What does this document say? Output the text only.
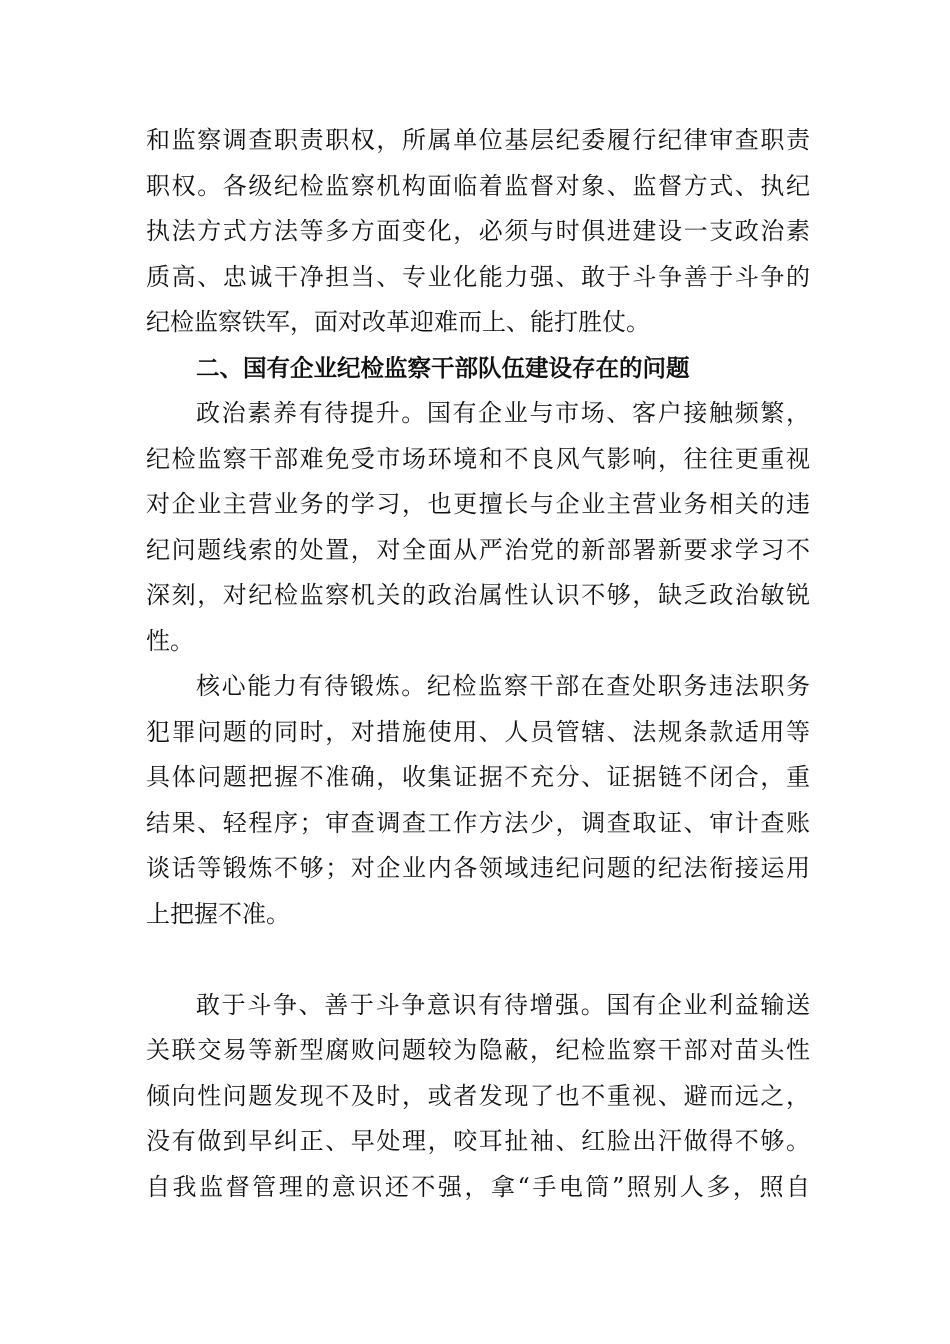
和监察调查职责职权，所属单位基层纪委履行纪律审查职责
职权。各级纪检监察机构面临着监督对象、监督方式、执纪
执法方式方法等多方面变化，必须与时俱进建设一支政治素
质高、忠诚干净担当、专业化能力强、敢于斗争善于斗争的
纪检监察铁军，面对改革迎难而上、能打胜仗。
二、国有企业纪检监察干部队伍建设存在的问题
政治素养有待提升。国有企业与市场、客户接触频繁，
纪检监察干部难免受市场环境和不良风气影响，往往更重视
对企业主营业务的学习，也更擅长与企业主营业务相关的违
纪问题线索的处置，对全面从严治党的新部署新要求学习不
深刻，对纪检监察机关的政治属性认识不够，缺乏政治敏锐
性。
核心能力有待锻炼。纪检监察干部在查处职务违法职务
犯罪问题的同时，对措施使用、人员管辖、法规条款适用等
具体问题把握不准确，收集证据不充分、证据链不闭合，重
结果、轻程序；审查调查工作方法少，调查取证、审计查账
谈话等锻炼不够；对企业内各领域违纪问题的纪法衔接运用
上把握不准。
敢于斗争、善于斗争意识有待增强。国有企业利益输送
关联交易等新型腐败问题较为隐蔽，纪检监察干部对苗头性
倾向性问题发现不及时，或者发现了也不重视、避而远之，
没有做到早纠正、早处理，咬耳扯袖、红脸出汗做得不够。
自我监督管理的意识还不强，拿“手电筒”照别人多，照自
